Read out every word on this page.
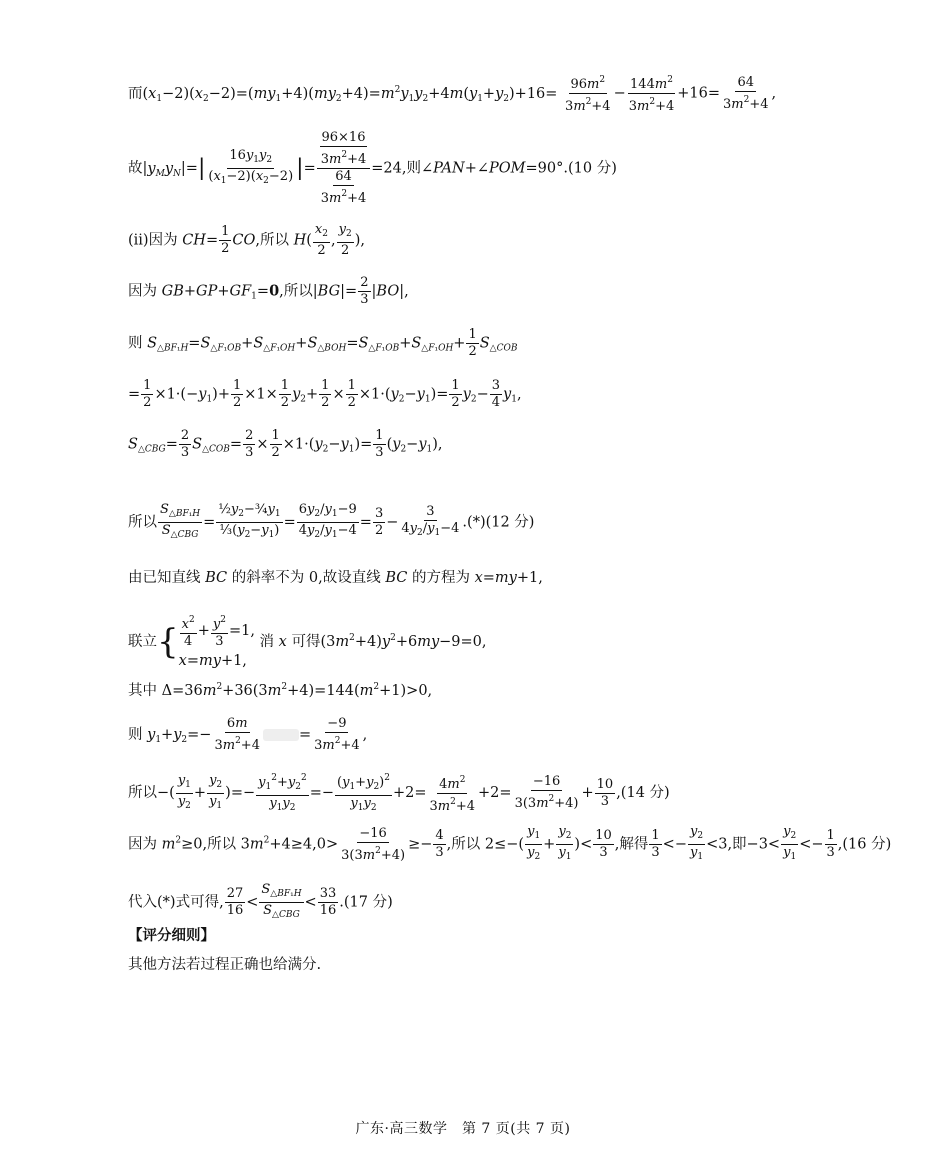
而$(x_1-2)(x_2-2)=(my_1+4)(my_2+4)=m^2y_1y_2+4m(y_1+y_2)+16= \frac{96m^2}{3m^2+4} - \frac{144m^2}{3m^2+4} +16= \frac{64}{3m^2+4}$ ,
故$|y_My_N|=| \frac{16y_1y_2}{(x_1-2)(x_2-2)}$ |= $\frac{\frac{96\times 16}{3m^2+4}}{\frac{64}{3m^2+4}} =24$,则∠PAN+∠POM=90°.(10 分)
(ⅱ)因为 $CH= \frac{1}{2}$ CO,所以 $H( \frac{x_2}{2}$ , $\frac{y_2}{2}$ ),
因为 $GB+GP+GF_1=0$,所以$|BG|= \frac{2}{3} |BO|$,
则 $S_{\triangle BF_1H}=S_{\triangle F_1OB}+S_{\triangle F_1OH}+S_{\triangle BOH}=S_{\triangle F_1OB}+S_{\triangle F_1OH}+ \frac{1}{2} S_{\triangle COB}$
= $\frac{1}{2} \times 1\cdot(-y_1)+ \frac{1}{2} \times 1\times \frac{1}{2} y_2+ \frac{1}{2} \times \frac{1}{2} \times 1\cdot(y_2-y_1)= \frac{1}{2} y_2- \frac{3}{4} y_1$,
$S_{\triangle CBG}= \frac{2}{3} S_{\triangle COB}= \frac{2}{3} \times \frac{1}{2} \times 1\cdot(y_2-y_1)= \frac{1}{3} (y_2-y_1)$,
所以 $\frac{S_{\triangle BF_1H}}{S_{\triangle CBG}} = \frac{\frac{1}{2}y_2-\frac{3}{4}y_1}{\frac{1}{3}(y_2-y_1)} = \frac{6y_2/y_1-9}{4y_2/y_1-4} = \frac{3}{2} - \frac{3}{4y_2/y_1-4} .(*)(12$ 分)
由已知直线 BC 的斜率不为 0,故设直线 BC 的方程为 x=my+1,
联立{ $\frac{x^2}{4} + \frac{y^2}{3} =1$,
x=my+1,
消 x 可得$(3m^2+4)y^2+6my-9=0$,
其中 $\Delta=36m^2+36(3m^2+4)=144(m^2+1)>0$,
则 $y_1+y_2=- \frac{6m}{3m^2+4}$	= $\frac{-9}{3m^2+4}$ ,
所以−( $\frac{y_1}{y_2} + \frac{y_2}{y_1}$ )=− $\frac{y_1^2+y_2^2}{y_1y_2} =- \frac{(y_1+y_2)^2}{y_1y_2} +2= \frac{4m^2}{3m^2+4} +2= \frac{-16}{3(3m^2+4)} + \frac{10}{3} ,(14$ 分)
因为 $m^2\ge 0$,所以 $3m^2+4\ge 4,0> \frac{-16}{3(3m^2+4)} \ge- \frac{4}{3}$ ,所以 $2\le-( \frac{y_1}{y_2} + \frac{y_2}{y_1}$ )< $\frac{10}{3}$ ,解得 $\frac{1}{3} <- \frac{y_2}{y_1} <3$,即$-3< \frac{y_2}{y_1} <- \frac{1}{3} ,(16$ 分)
代入(*)式可得, $\frac{27}{16} < \frac{S_{\triangle BF_1H}}{S_{\triangle CBG}} < \frac{33}{16} .(17$ 分)
【评分细则】
其他方法若过程正确也给满分.
广东·高三数学　第 7 页(共 7 页)
